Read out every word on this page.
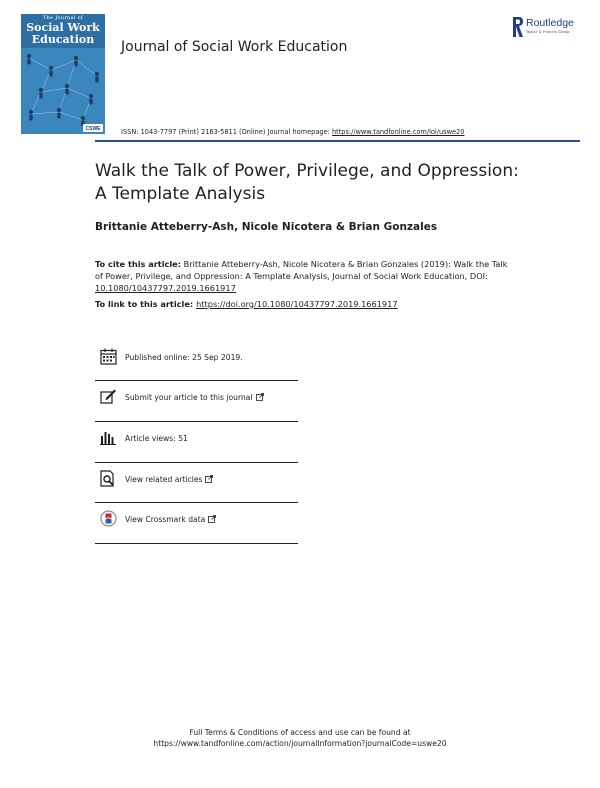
The Journal of
Social Work
Education
CSWE
Journal of Social Work Education
Routledge
Taylor & Francis Group
ISSN: 1043-7797 (Print) 2163-5811 (Online) Journal homepage: https://www.tandfonline.com/loi/uswe20
Walk the Talk of Power, Privilege, and Oppression:
A Template Analysis
Brittanie Atteberry-Ash, Nicole Nicotera & Brian Gonzales
To cite this article: Brittanie Atteberry-Ash, Nicole Nicotera & Brian Gonzales (2019): Walk the Talk of Power, Privilege, and Oppression: A Template Analysis, Journal of Social Work Education, DOI: 10.1080/10437797.2019.1661917
To link to this article: https://doi.org/10.1080/10437797.2019.1661917
Published online: 25 Sep 2019.
Submit your article to this journal
Article views: 51
View related articles
View Crossmark data
Full Terms & Conditions of access and use can be found at
https://www.tandfonline.com/action/journalInformation?journalCode=uswe20
